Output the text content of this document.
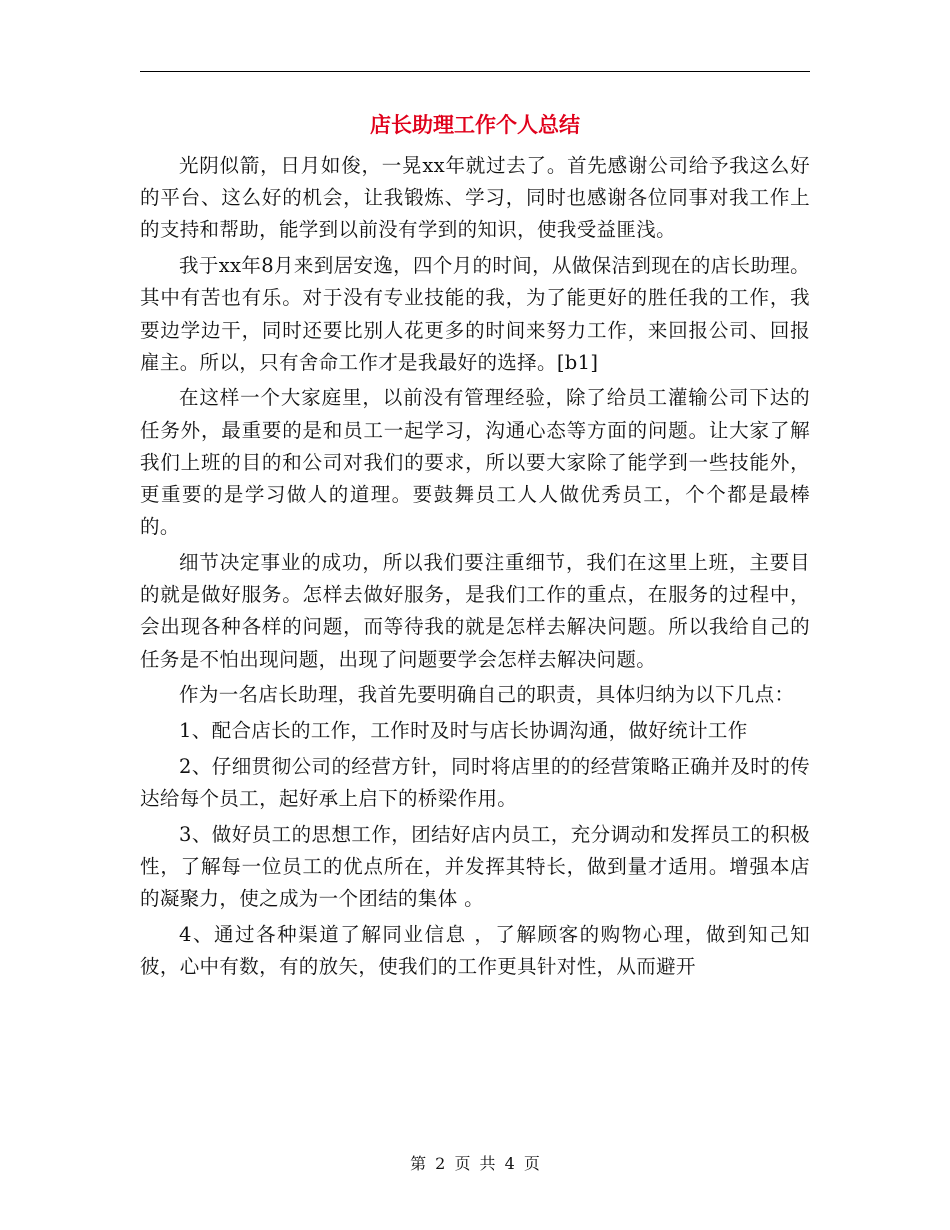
店长助理工作个人总结

光阴似箭，日月如俊，一晃xx年就过去了。首先感谢公司给予我这么好的平台、这么好的机会，让我锻炼、学习，同时也感谢各位同事对我工作上的支持和帮助，能学到以前没有学到的知识，使我受益匪浅。

我于xx年8月来到居安逸，四个月的时间，从做保洁到现在的店长助理。其中有苦也有乐。对于没有专业技能的我，为了能更好的胜任我的工作，我要边学边干，同时还要比别人花更多的时间来努力工作，来回报公司、回报雇主。所以，只有舍命工作才是我最好的选择。[b1]

在这样一个大家庭里，以前没有管理经验，除了给员工灌输公司下达的任务外，最重要的是和员工一起学习，沟通心态等方面的问题。让大家了解我们上班的目的和公司对我们的要求，所以要大家除了能学到一些技能外，更重要的是学习做人的道理。要鼓舞员工人人做优秀员工，个个都是最棒的。

细节决定事业的成功，所以我们要注重细节，我们在这里上班，主要目的就是做好服务。怎样去做好服务，是我们工作的重点，在服务的过程中，会出现各种各样的问题，而等待我的就是怎样去解决问题。所以我给自己的任务是不怕出现问题，出现了问题要学会怎样去解决问题。

作为一名店长助理，我首先要明确自己的职责，具体归纳为以下几点：

1、配合店长的工作，工作时及时与店长协调沟通，做好统计工作

2、仔细贯彻公司的经营方针，同时将店里的的经营策略正确并及时的传达给每个员工，起好承上启下的桥梁作用。

3、做好员工的思想工作，团结好店内员工，充分调动和发挥员工的积极性，了解每一位员工的优点所在，并发挥其特长，做到量才适用。增强本店的凝聚力，使之成为一个团结的集体 。

4、通过各种渠道了解同业信息 ，了解顾客的购物心理，做到知己知彼，心中有数，有的放矢，使我们的工作更具针对性，从而避开

第 2 页 共 4 页
